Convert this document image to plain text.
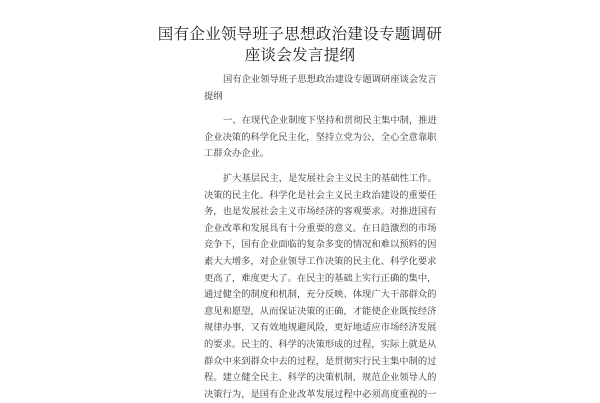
国有企业领导班子思想政治建设专题调研
座谈会发言提纲
国有企业领导班子思想政治建设专题调研座谈会发言
提纲
一、在现代企业制度下坚持和贯彻民主集中制，推进
企业决策的科学化民主化，坚持立党为公，全心全意靠职
工群众办企业。
扩大基层民主，是发展社会主义民主的基础性工作。
决策的民主化、科学化是社会主义民主政治建设的重要任
务，也是发展社会主义市场经济的客观要求。对推进国有
企业改革和发展具有十分重要的意义。在日趋激烈的市场
竞争下，国有企业面临的复杂多变的情况和难以预料的因
素大大增多，对企业领导工作决策的民主化、科学化要求
更高了，难度更大了。在民主的基础上实行正确的集中，
通过健全的制度和机制，充分反映、体现广大干部群众的
意见和愿望，从而保证决策的正确，才能使企业既按经济
规律办事，又有效地规避风险，更好地适应市场经济发展
的要求。民主的、科学的决策形成的过程，实际上就是从
群众中来到群众中去的过程，是贯彻实行民主集中制的过
程。建立健全民主、科学的决策机制，规范企业领导人的
决策行为，是国有企业改革发展过程中必须高度重视的一
